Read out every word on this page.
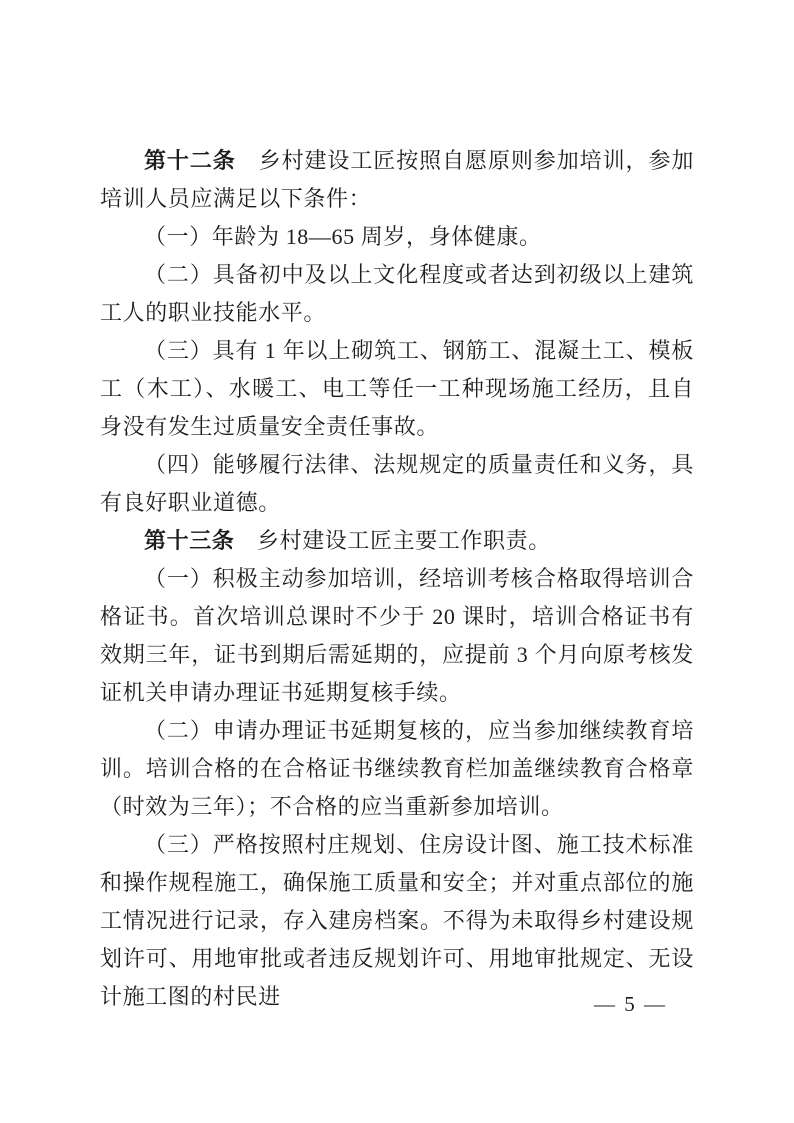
第十二条　乡村建设工匠按照自愿原则参加培训，参加培训人员应满足以下条件：

（一）年龄为 18—65 周岁，身体健康。

（二）具备初中及以上文化程度或者达到初级以上建筑工人的职业技能水平。

（三）具有 1 年以上砌筑工、钢筋工、混凝土工、模板工（木工）、水暖工、电工等任一工种现场施工经历，且自身没有发生过质量安全责任事故。

（四）能够履行法律、法规规定的质量责任和义务，具有良好职业道德。

第十三条　乡村建设工匠主要工作职责。

（一）积极主动参加培训，经培训考核合格取得培训合格证书。首次培训总课时不少于 20 课时，培训合格证书有效期三年，证书到期后需延期的，应提前 3 个月向原考核发证机关申请办理证书延期复核手续。

（二）申请办理证书延期复核的，应当参加继续教育培训。培训合格的在合格证书继续教育栏加盖继续教育合格章（时效为三年）；不合格的应当重新参加培训。

（三）严格按照村庄规划、住房设计图、施工技术标准和操作规程施工，确保施工质量和安全；并对重点部位的施工情况进行记录，存入建房档案。不得为未取得乡村建设规划许可、用地审批或者违反规划许可、用地审批规定、无设计施工图的村民进	— 5 —
